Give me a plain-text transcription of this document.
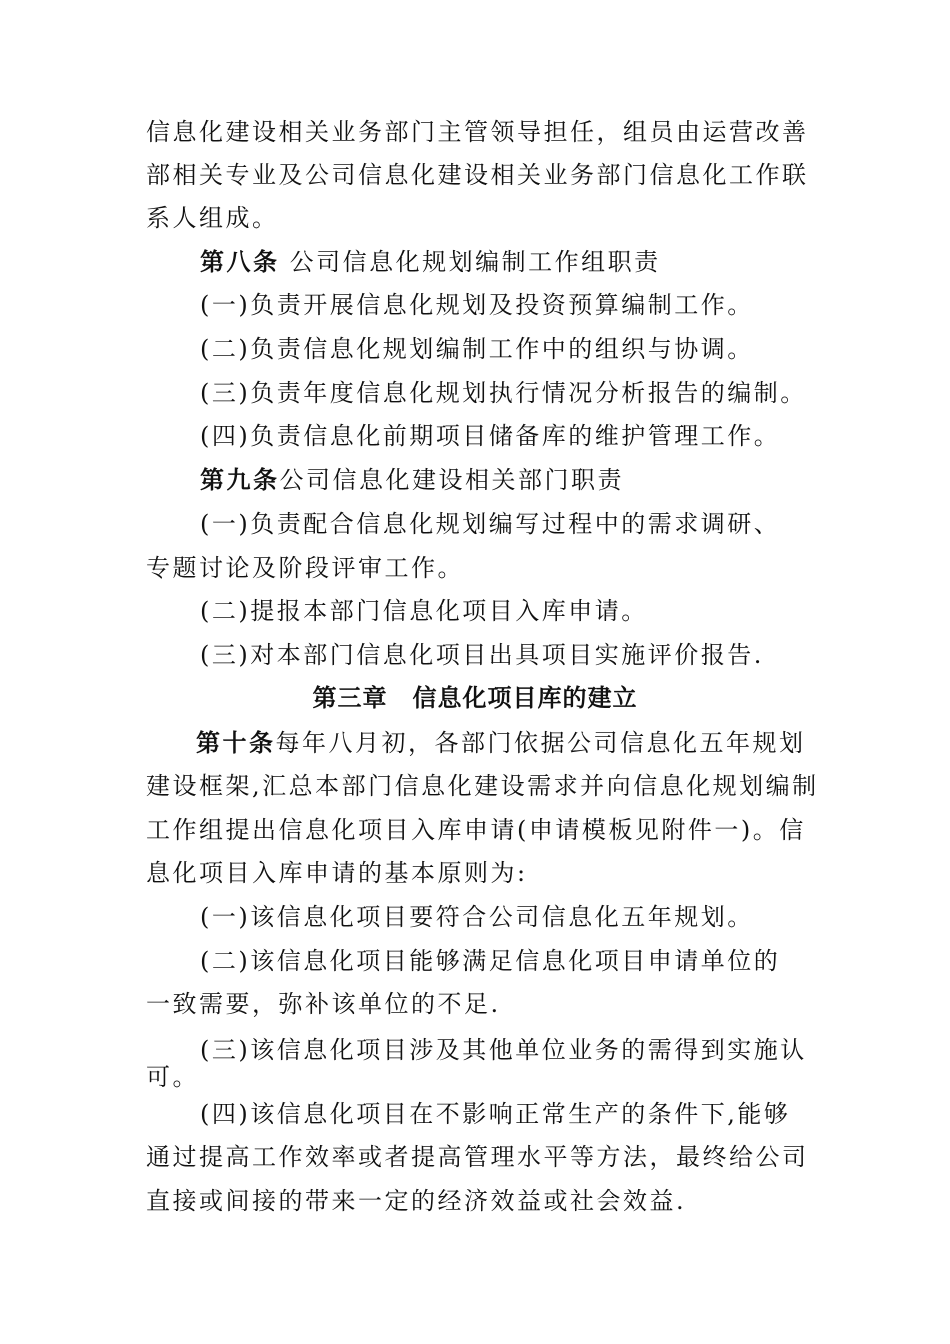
信息化建设相关业务部门主管领导担任，组员由运营改善
部相关专业及公司信息化建设相关业务部门信息化工作联
系人组成。
第八条 公司信息化规划编制工作组职责
(一)负责开展信息化规划及投资预算编制工作。
(二)负责信息化规划编制工作中的组织与协调。
(三)负责年度信息化规划执行情况分析报告的编制。
(四)负责信息化前期项目储备库的维护管理工作。
第九条公司信息化建设相关部门职责
(一)负责配合信息化规划编写过程中的需求调研、
专题讨论及阶段评审工作。
(二)提报本部门信息化项目入库申请。
(三)对本部门信息化项目出具项目实施评价报告.
第三章　信息化项目库的建立
第十条每年八月初，各部门依据公司信息化五年规划
建设框架,汇总本部门信息化建设需求并向信息化规划编制
工作组提出信息化项目入库申请(申请模板见附件一)。信
息化项目入库申请的基本原则为:
(一)该信息化项目要符合公司信息化五年规划。
(二)该信息化项目能够满足信息化项目申请单位的
一致需要，弥补该单位的不足.
(三)该信息化项目涉及其他单位业务的需得到实施认
可。
(四)该信息化项目在不影响正常生产的条件下,能够
通过提高工作效率或者提高管理水平等方法，最终给公司
直接或间接的带来一定的经济效益或社会效益.
